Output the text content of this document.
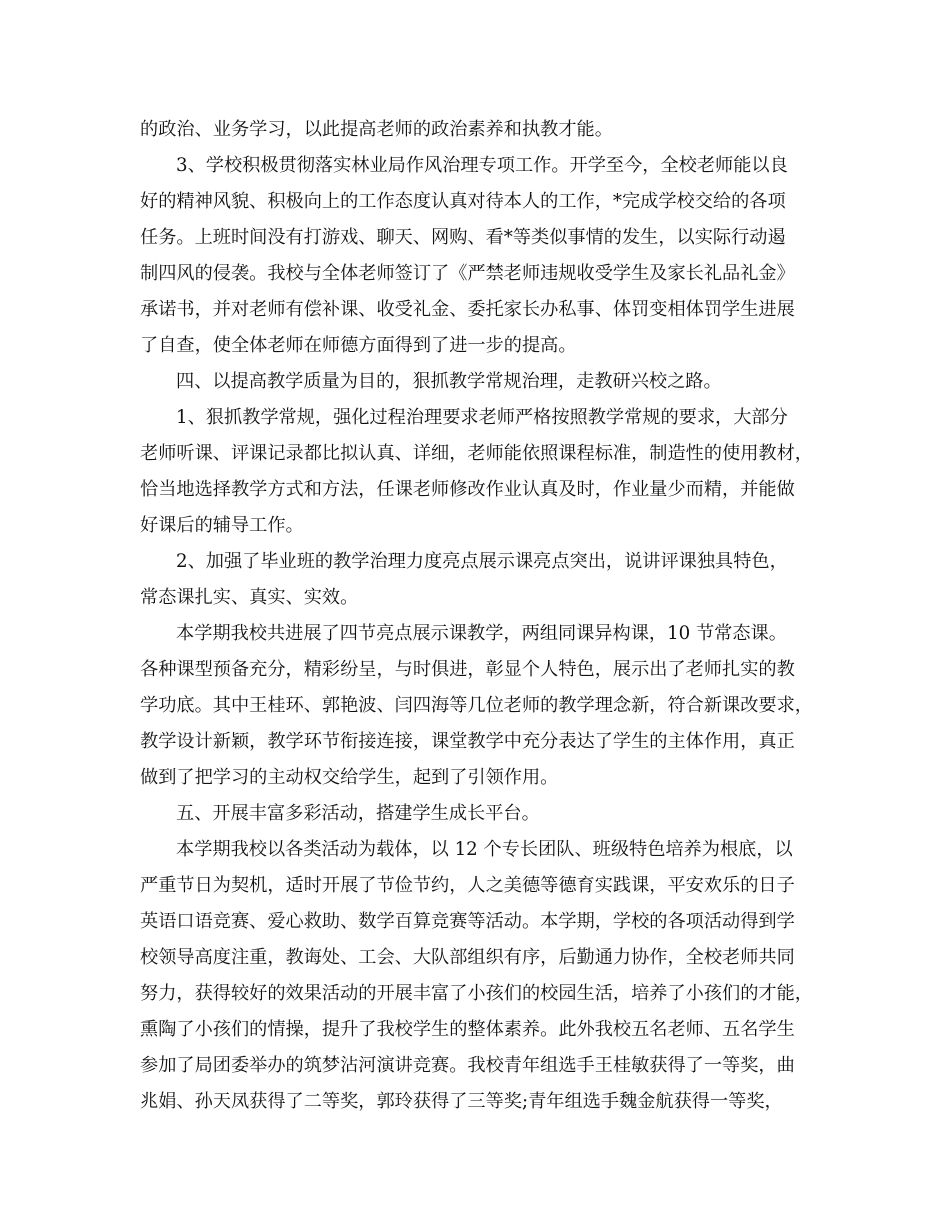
的政治、业务学习，以此提高老师的政治素养和执教才能。
3、学校积极贯彻落实林业局作风治理专项工作。开学至今，全校老师能以良
好的精神风貌、积极向上的工作态度认真对待本人的工作，*完成学校交给的各项
任务。上班时间没有打游戏、聊天、网购、看*等类似事情的发生，以实际行动遏
制四风的侵袭。我校与全体老师签订了《严禁老师违规收受学生及家长礼品礼金》
承诺书，并对老师有偿补课、收受礼金、委托家长办私事、体罚变相体罚学生进展
了自查，使全体老师在师德方面得到了进一步的提高。
四、以提高教学质量为目的，狠抓教学常规治理，走教研兴校之路。
1、狠抓教学常规，强化过程治理要求老师严格按照教学常规的要求，大部分
老师听课、评课记录都比拟认真、详细，老师能依照课程标准，制造性的使用教材，
恰当地选择教学方式和方法，任课老师修改作业认真及时，作业量少而精，并能做
好课后的辅导工作。
2、加强了毕业班的教学治理力度亮点展示课亮点突出，说讲评课独具特色，
常态课扎实、真实、实效。
本学期我校共进展了四节亮点展示课教学，两组同课异构课，10 节常态课。
各种课型预备充分，精彩纷呈，与时俱进，彰显个人特色，展示出了老师扎实的教
学功底。其中王桂环、郭艳波、闫四海等几位老师的教学理念新，符合新课改要求，
教学设计新颖，教学环节衔接连接，课堂教学中充分表达了学生的主体作用，真正
做到了把学习的主动权交给学生，起到了引领作用。
五、开展丰富多彩活动，搭建学生成长平台。
本学期我校以各类活动为载体，以 12 个专长团队、班级特色培养为根底，以
严重节日为契机，适时开展了节俭节约，人之美德等德育实践课，平安欢乐的日子
英语口语竞赛、爱心救助、数学百算竞赛等活动。本学期，学校的各项活动得到学
校领导高度注重，教诲处、工会、大队部组织有序，后勤通力协作，全校老师共同
努力，获得较好的效果活动的开展丰富了小孩们的校园生活，培养了小孩们的才能，
熏陶了小孩们的情操，提升了我校学生的整体素养。此外我校五名老师、五名学生
参加了局团委举办的筑梦沾河演讲竞赛。我校青年组选手王桂敏获得了一等奖，曲
兆娟、孙天凤获得了二等奖，郭玲获得了三等奖;青年组选手魏金航获得一等奖，
